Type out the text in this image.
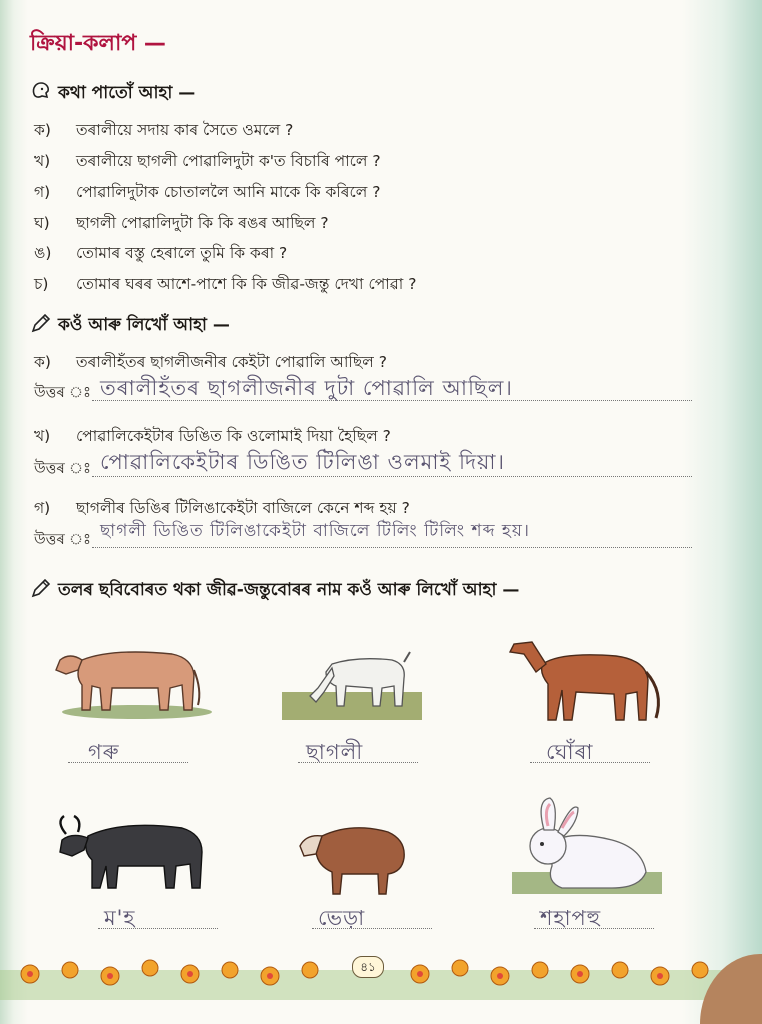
ক্ৰিয়া-কলাপ —
কথা পাতোঁ আহা —
ক) তৰালীয়ে সদায় কাৰ সৈতে ওমলে ?
খ) তৰালীয়ে ছাগলী পোৱালিদুটা ক'ত বিচাৰি পালে ?
গ) পোৱালিদুটাক চোতাললৈ আনি মাকে কি কৰিলে ?
ঘ) ছাগলী পোৱালিদুটা কি কি ৰঙৰ আছিল ?
ঙ) তোমাৰ বস্তু হেৰালে তুমি কি কৰা ?
চ) তোমাৰ ঘৰৰ আশে-পাশে কি কি জীৱ-জন্তু দেখা পোৱা ?
কওঁ আৰু লিখোঁ আহা —
ক) তৰালীহঁতৰ ছাগলীজনীৰ কেইটা পোৱালি আছিল ?
উত্তৰ ঃ তৰালীহঁতৰ ছাগলীজনীৰ দুটা পোৱালি আছিল।
খ) পোৱালিকেইটাৰ ডিঙিত কি ওলোমাই দিয়া হৈছিল ?
উত্তৰ ঃ পোৱালিকেইটাৰ ডিঙিত টিলিঙা ওলমাই দিয়া।
গ) ছাগলীৰ ডিঙিৰ টিলিঙাকেইটা বাজিলে কেনে শব্দ হয় ?
উত্তৰ ঃ ছাগলী ডিঙিত টিলিঙাকেইটা বাজিলে টিলিং টিলিং শব্দ হয়।
তলৰ ছবিবোৰত থকা জীৱ-জন্তুবোৰৰ নাম কওঁ আৰু লিখোঁ আহা —
গৰু	ছাগলী	ঘোঁৰা
ম'হ	ভেড়া	শহাপহু
৪১
